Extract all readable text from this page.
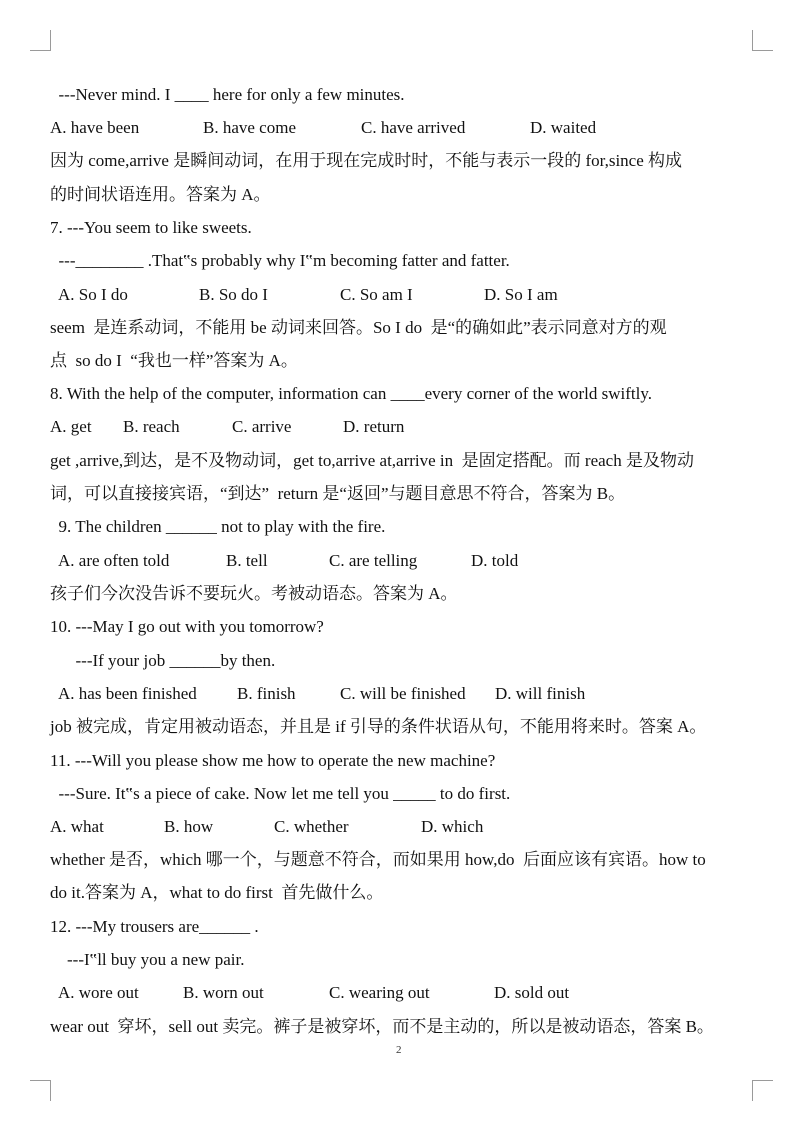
---Never mind. I ____ here for only a few minutes.
A. have been	B. have come	C. have arrived	D. waited
因为 come,arrive 是瞬间动词，在用于现在完成时时，不能与表示一段的 for,since 构成
的时间状语连用。答案为 A。
7. ---You seem to like sweets.
---________ .That‟s probably why I‟m becoming fatter and fatter.
A. So I do	B. So do I	C. So am I	D. So I am
seem  是连系动词，不能用 be 动词来回答。So I do  是“的确如此”表示同意对方的观
点  so do I  “我也一样”答案为 A。
8. With the help of the computer, information can ____every corner of the world swiftly.
A. get B. reach	C. arrive	D. return
get ,arrive,到达，是不及物动词，get to,arrive at,arrive in  是固定搭配。而 reach 是及物动
词，可以直接接宾语，“到达”  return 是“返回”与题目意思不符合，答案为 B。
9. The children ______ not to play with the fire.
A. are often told	B. tell	C. are telling	D. told
孩子们今次没告诉不要玩火。考被动语态。答案为 A。
10. ---May I go out with you tomorrow?
---If your job ______by then.
A. has been finished B. finish	C. will be finished D. will finish
job 被完成，肯定用被动语态，并且是 if 引导的条件状语从句，不能用将来时。答案 A。
11. ---Will you please show me how to operate the new machine?
---Sure. It‟s a piece of cake. Now let me tell you _____ to do first.
A. what	B. how	C. whether	D. which
whether 是否，which 哪一个，与题意不符合，而如果用 how,do  后面应该有宾语。how to
do it.答案为 A，what to do first  首先做什么。
12. ---My trousers are______ .
---I‟ll buy you a new pair.
A. wore out	B. worn out	C. wearing out	D. sold out
wear out  穿坏，sell out 卖完。裤子是被穿坏，而不是主动的，所以是被动语态，答案 B。
2
